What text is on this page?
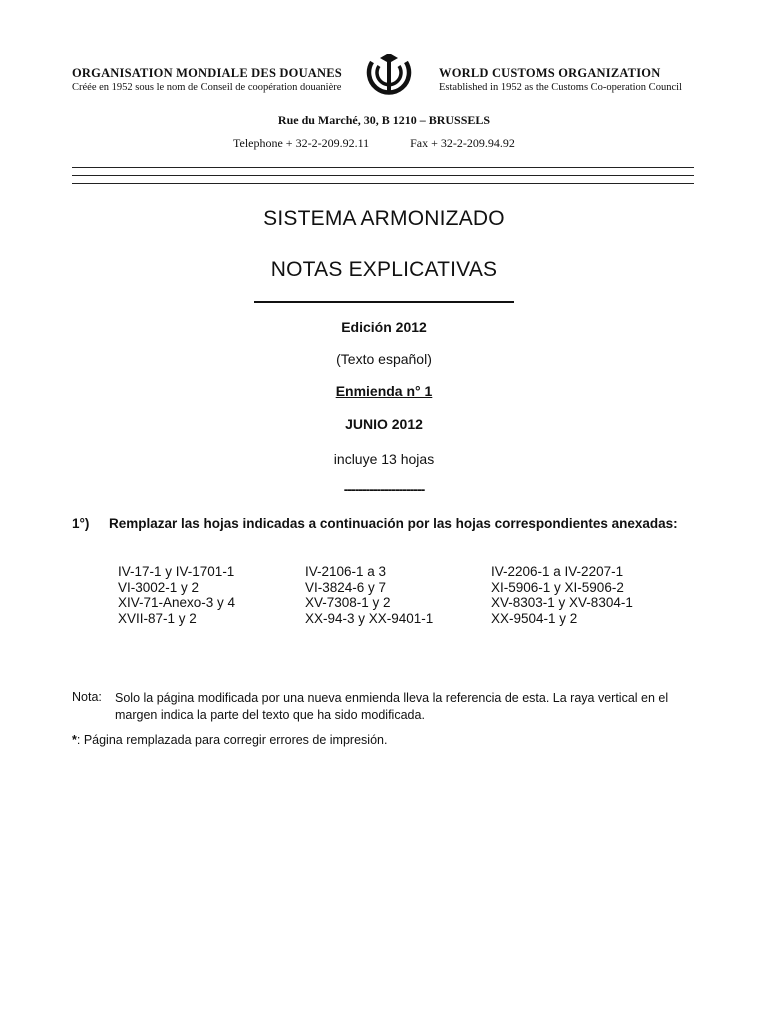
ORGANISATION MONDIALE DES DOUANES
Créée en 1952 sous le nom de Conseil de coopération douanière
WORLD CUSTOMS ORGANIZATION
Established in 1952 as the Customs Co-operation Council
Rue du Marché, 30, B 1210 – BRUSSELS
Telephone + 32-2-209.92.11	Fax + 32-2-209.94.92
SISTEMA ARMONIZADO
NOTAS EXPLICATIVAS
Edición 2012
(Texto español)
Enmienda n° 1
JUNIO 2012
incluye 13 hojas
----------------------
1°) Remplazar las hojas indicadas a continuación por las hojas correspondientes anexadas:
IV-17-1 y IV-1701-1
VI-3002-1 y 2
XIV-71-Anexo-3 y 4
XVII-87-1 y 2
IV-2106-1 a 3
VI-3824-6 y 7
XV-7308-1 y 2
XX-94-3 y XX-9401-1
IV-2206-1 a IV-2207-1
XI-5906-1 y XI-5906-2
XV-8303-1 y XV-8304-1
XX-9504-1 y 2
Nota: Solo la página modificada por una nueva enmienda lleva la referencia de esta. La raya vertical en el margen indica la parte del texto que ha sido modificada.
*: Página remplazada para corregir errores de impresión.
